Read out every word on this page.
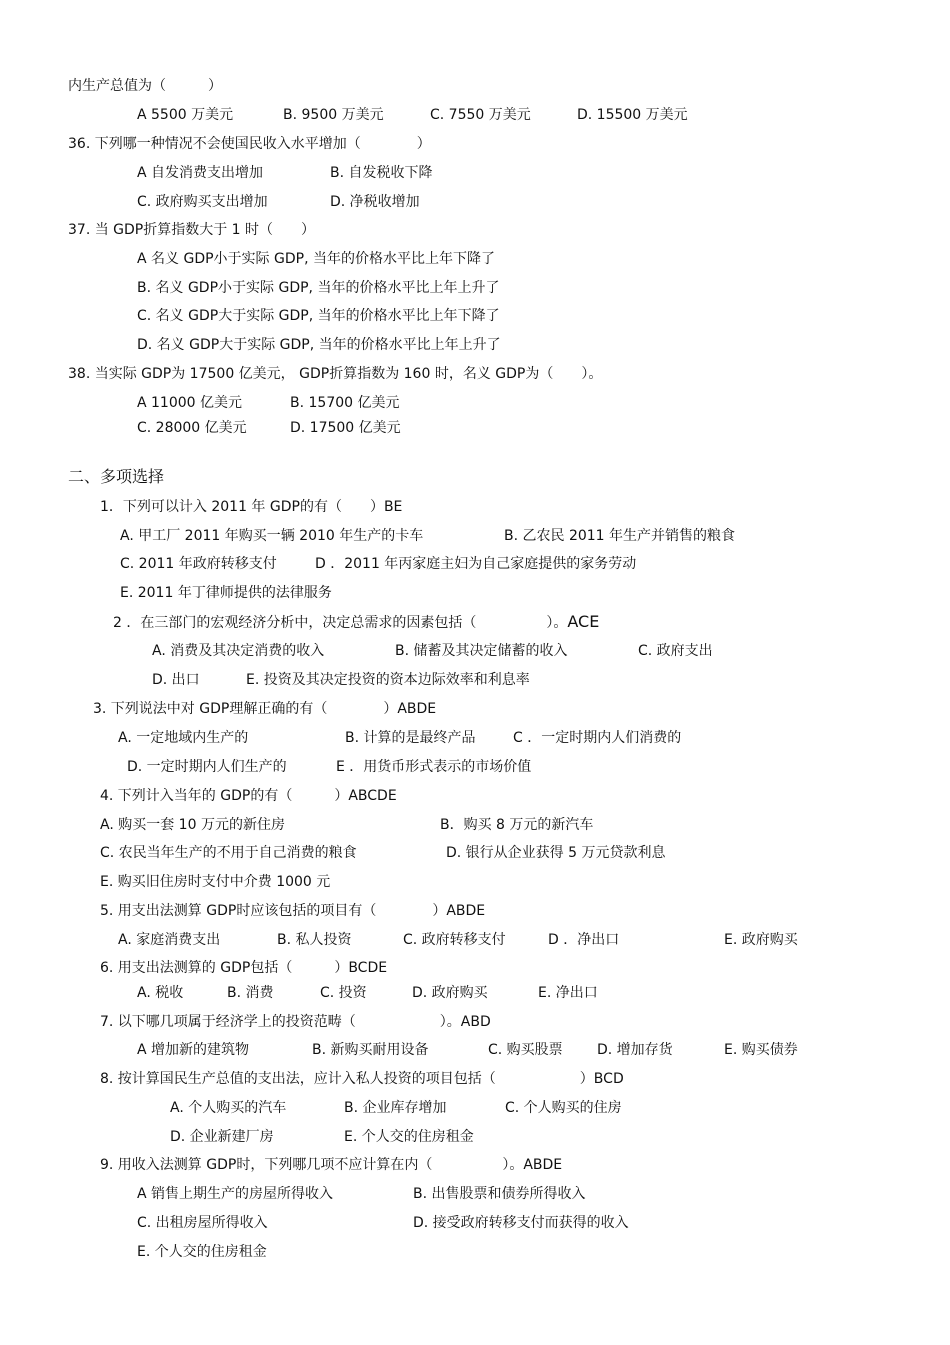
内生产总值为（　　　）
A 5500 万美元	B. 9500 万美元	C. 7550 万美元	D. 15500 万美元
36. 下列哪一种情况不会使国民收入水平增加（　　　　）
A 自发消费支出增加	B. 自发税收下降
C. 政府购买支出增加	D. 净税收增加
37. 当 GDP折算指数大于 1 时（　　）
A 名义 GDP小于实际 GDP, 当年的价格水平比上年下降了
B. 名义 GDP小于实际 GDP, 当年的价格水平比上年上升了
C. 名义 GDP大于实际 GDP, 当年的价格水平比上年下降了
D. 名义 GDP大于实际 GDP, 当年的价格水平比上年上升了
38. 当实际 GDP为 17500 亿美元， GDP折算指数为 160 时，名义 GDP为（　　）。
A 11000 亿美元	B. 15700 亿美元
C. 28000 亿美元	D. 17500 亿美元
二、多项选择
1．下列可以计入 2011 年 GDP的有（　　）BE
A. 甲工厂 2011 年购买一辆 2010 年生产的卡车	B. 乙农民 2011 年生产并销售的粮食
C. 2011 年政府转移支付	D ．2011 年丙家庭主妇为自己家庭提供的家务劳动
E. 2011 年丁律师提供的法律服务
2 ．在三部门的宏观经济分析中，决定总需求的因素包括（　　　　　）。ACE
A. 消费及其决定消费的收入	B. 储蓄及其决定储蓄的收入	C. 政府支出
D. 出口	E. 投资及其决定投资的资本边际效率和利息率
3. 下列说法中对 GDP理解正确的有（　　　　）ABDE
A. 一定地域内生产的	B. 计算的是最终产品	C ．一定时期内人们消费的
D. 一定时期内人们生产的	E ．用货币形式表示的市场价值
4. 下列计入当年的 GDP的有（　　　）ABCDE
A. 购买一套 10 万元的新住房	B．购买 8 万元的新汽车
C. 农民当年生产的不用于自己消费的粮食	D. 银行从企业获得 5 万元贷款利息
E. 购买旧住房时支付中介费 1000 元
5. 用支出法测算 GDP时应该包括的项目有（　　　　）ABDE
A. 家庭消费支出	B. 私人投资	C. 政府转移支付	D ．净出口	E. 政府购买
6. 用支出法测算的 GDP包括（　　　）BCDE
A. 税收	B. 消费	C. 投资	D. 政府购买	E. 净出口
7. 以下哪几项属于经济学上的投资范畴（　　　　　　）。ABD
A 增加新的建筑物	B. 新购买耐用设备	C. 购买股票 D. 增加存货	E. 购买债券
8. 按计算国民生产总值的支出法，应计入私人投资的项目包括（　　　　　　）BCD
A. 个人购买的汽车	B. 企业库存增加	C. 个人购买的住房
D. 企业新建厂房	E. 个人交的住房租金
9. 用收入法测算 GDP时，下列哪几项不应计算在内（　　　　　）。ABDE
A 销售上期生产的房屋所得收入	B. 出售股票和债券所得收入
C. 出租房屋所得收入	D. 接受政府转移支付而获得的收入
E. 个人交的住房租金
